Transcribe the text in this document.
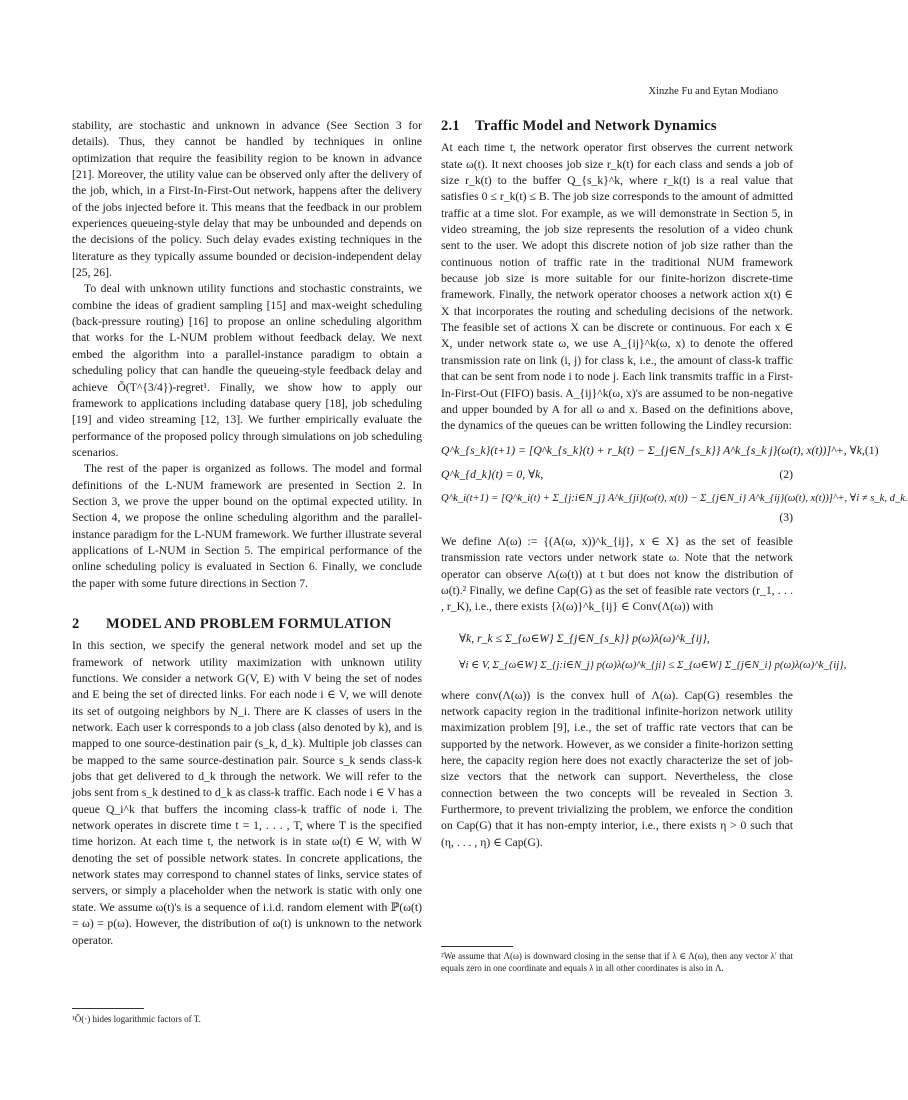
Xinzhe Fu and Eytan Modiano

stability, are stochastic and unknown in advance (See Section 3 for details). Thus, they cannot be handled by techniques in online optimization that require the feasibility region to be known in advance [21]. Moreover, the utility value can be observed only after the delivery of the job, which, in a First-In-First-Out network, happens after the delivery of the jobs injected before it. This means that the feedback in our problem experiences queueing-style delay that may be unbounded and depends on the decisions of the policy. Such delay evades existing techniques in the literature as they typically assume bounded or decision-independent delay [25, 26].

To deal with unknown utility functions and stochastic constraints, we combine the ideas of gradient sampling [15] and max-weight scheduling (back-pressure routing) [16] to propose an online scheduling algorithm that works for the L-NUM problem without feedback delay. We next embed the algorithm into a parallel-instance paradigm to obtain a scheduling policy that can handle the queueing-style feedback delay and achieve Õ(T^{3/4})-regret¹. Finally, we show how to apply our framework to applications including database query [18], job scheduling [19] and video streaming [12, 13]. We further empirically evaluate the performance of the proposed policy through simulations on job scheduling scenarios.

The rest of the paper is organized as follows. The model and formal definitions of the L-NUM framework are presented in Section 2. In Section 3, we prove the upper bound on the optimal expected utility. In Section 4, we propose the online scheduling algorithm and the parallel-instance paradigm for the L-NUM framework. We further illustrate several applications of L-NUM in Section 5. The empirical performance of the online scheduling policy is evaluated in Section 6. Finally, we conclude the paper with some future directions in Section 7.

2 MODEL AND PROBLEM FORMULATION

In this section, we specify the general network model and set up the framework of network utility maximization with unknown utility functions. We consider a network G(V, E) with V being the set of nodes and E being the set of directed links. For each node i ∈ V, we will denote its set of outgoing neighbors by N_i. There are K classes of users in the network. Each user k corresponds to a job class (also denoted by k), and is mapped to one source-destination pair (s_k, d_k). Multiple job classes can be mapped to the same source-destination pair. Source s_k sends class-k jobs that get delivered to d_k through the network. We will refer to the jobs sent from s_k destined to d_k as class-k traffic. Each node i ∈ V has a queue Q_i^k that buffers the incoming class-k traffic of node i. The network operates in discrete time t = 1, . . . , T, where T is the specified time horizon. At each time t, the network is in state ω(t) ∈ W, with W denoting the set of possible network states. In concrete applications, the network states may correspond to channel states of links, service states of servers, or simply a placeholder when the network is static with only one state. We assume ω(t)'s is a sequence of i.i.d. random element with ℙ(ω(t) = ω) = p(ω). However, the distribution of ω(t) is unknown to the network operator.

¹Õ(·) hides logarithmic factors of T.
2.1 Traffic Model and Network Dynamics

At each time t, the network operator first observes the current network state ω(t). It next chooses job size r_k(t) for each class and sends a job of size r_k(t) to the buffer Q_{s_k}^k, where r_k(t) is a real value that satisfies 0 ≤ r_k(t) ≤ B. The job size corresponds to the amount of admitted traffic at a time slot. For example, as we will demonstrate in Section 5, in video streaming, the job size represents the resolution of a video chunk sent to the user. We adopt this discrete notion of job size rather than the continuous notion of traffic rate in the traditional NUM framework because job size is more suitable for our finite-horizon discrete-time framework. Finally, the network operator chooses a network action x(t) ∈ X that incorporates the routing and scheduling decisions of the network. The feasible set of actions X can be discrete or continuous. For each x ∈ X, under network state ω, we use A_{ij}^k(ω, x) to denote the offered transmission rate on link (i, j) for class k, i.e., the amount of class-k traffic that can be sent from node i to node j. Each link transmits traffic in a First-In-First-Out (FIFO) basis. A_{ij}^k(ω, x)'s are assumed to be non-negative and upper bounded by A for all ω and x. Based on the definitions above, the dynamics of the queues can be written following the Lindley recursion:

Q^k_{s_k}(t+1) = [Q^k_{s_k}(t) + r_k(t) − Σ_{j∈N_{s_k}} A^k_{s_k j}(ω(t), x(t))]^+, ∀k, (1)
Q^k_{d_k}(t) = 0, ∀k,	(2)
Q^k_i(t+1) = [Q^k_i(t) + Σ_{j:i∈N_j} A^k_{ji}(ω(t), x(t)) − Σ_{j∈N_i} A^k_{ij}(ω(t), x(t))]^+, ∀i ≠ s_k, d_k.
(3)

We define Λ(ω) := {(A(ω, x))^k_{ij}, x ∈ X} as the set of feasible transmission rate vectors under network state ω. Note that the network operator can observe Λ(ω(t)) at t but does not know the distribution of ω(t).² Finally, we define Cap(G) as the set of feasible rate vectors (r_1, . . . , r_K), i.e., there exists {λ(ω)}^k_{ij} ∈ Conv(Λ(ω)) with

∀k, r_k ≤ Σ_{ω∈W} Σ_{j∈N_{s_k}} p(ω)λ(ω)^k_{ij},
∀i ∈ V, Σ_{ω∈W} Σ_{j:i∈N_j} p(ω)λ(ω)^k_{ji} ≤ Σ_{ω∈W} Σ_{j∈N_i} p(ω)λ(ω)^k_{ij},

where conv(Λ(ω)) is the convex hull of Λ(ω). Cap(G) resembles the network capacity region in the traditional infinite-horizon network utility maximization problem [9], i.e., the set of traffic rate vectors that can be supported by the network. However, as we consider a finite-horizon setting here, the capacity region here does not exactly characterize the set of job-size vectors that the network can support. Nevertheless, the close connection between the two concepts will be revealed in Section 3. Furthermore, to prevent trivializing the problem, we enforce the condition on Cap(G) that it has non-empty interior, i.e., there exists η > 0 such that (η, . . . , η) ∈ Cap(G).

²We assume that Λ(ω) is downward closing in the sense that if λ ∈ Λ(ω), then any vector λ′ that equals zero in one coordinate and equals λ in all other coordinates is also in Λ.
